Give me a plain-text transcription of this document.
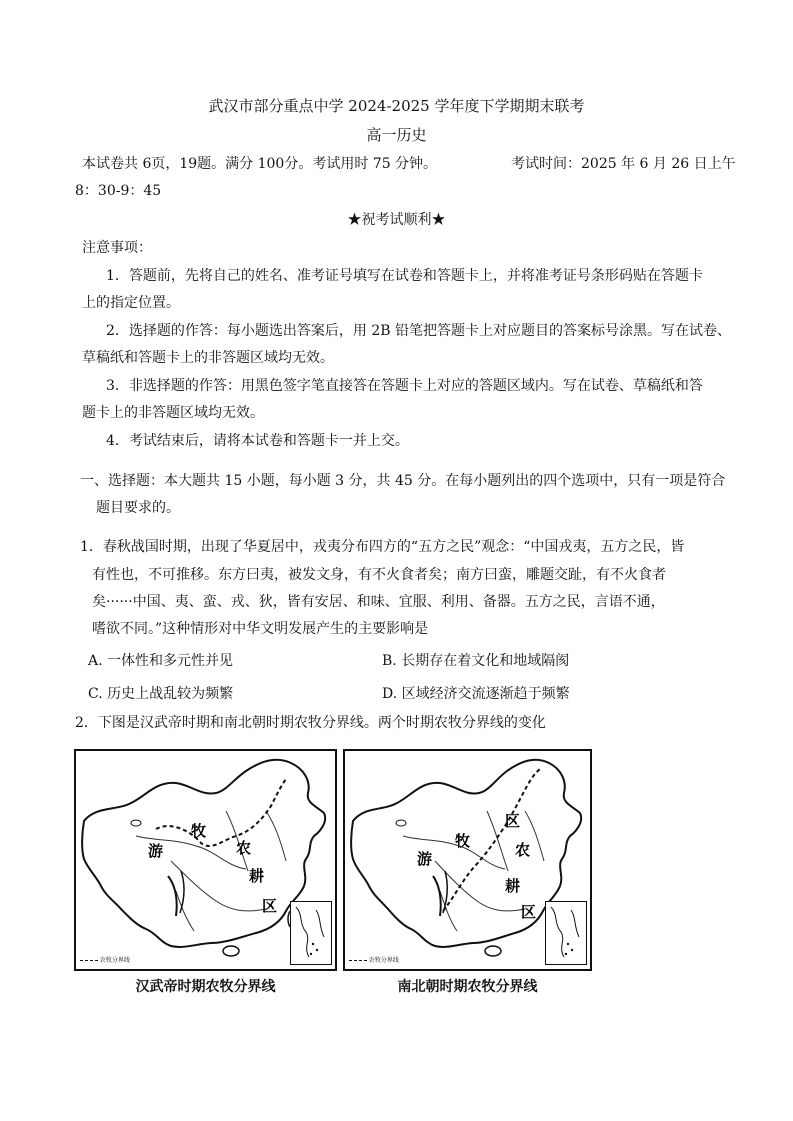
武汉市部分重点中学 2024-2025 学年度下学期期末联考
高一历史
本试卷共 6页，19题。满分 100分。考试用时 75 分钟。	考试时间：2025 年 6 月 26 日上午
8：30-9：45
★祝考试顺利★
注意事项：
1．答题前，先将自己的姓名、准考证号填写在试卷和答题卡上，并将准考证号条形码贴在答题卡
上的指定位置。
2．选择题的作答：每小题选出答案后，用 2B 铅笔把答题卡上对应题目的答案标号涂黑。写在试卷、
草稿纸和答题卡上的非答题区域均无效。
3．非选择题的作答：用黑色签字笔直接答在答题卡上对应的答题区域内。写在试卷、草稿纸和答
题卡上的非答题区域均无效。
4．考试结束后，请将本试卷和答题卡一并上交。
一、选择题：本大题共 15 小题，每小题 3 分，共 45 分。在每小题列出的四个选项中，只有一项是符合
题目要求的。
1．春秋战国时期，出现了华夏居中，戎夷分布四方的“五方之民”观念：“中国戎夷，五方之民，皆
有性也，不可推移。东方曰夷，被发文身，有不火食者矣；南方曰蛮，雕题交趾，有不火食者
矣······中国、夷、蛮、戎、狄，皆有安居、和味、宜服、利用、备器。五方之民，言语不通，
嗜欲不同。”这种情形对中华文明发展产生的主要影响是
A. 一体性和多元性并见	B. 长期存在着文化和地域隔阂
C. 历史上战乱较为频繁	D. 区域经济交流逐渐趋于频繁
2．下图是汉武帝时期和南北朝时期农牧分界线。两个时期农牧分界线的变化
牧
游	农
耕
区
农牧分界线
汉武帝时期农牧分界线
区
牧
游	农
耕
区
农牧分界线
南北朝时期农牧分界线
